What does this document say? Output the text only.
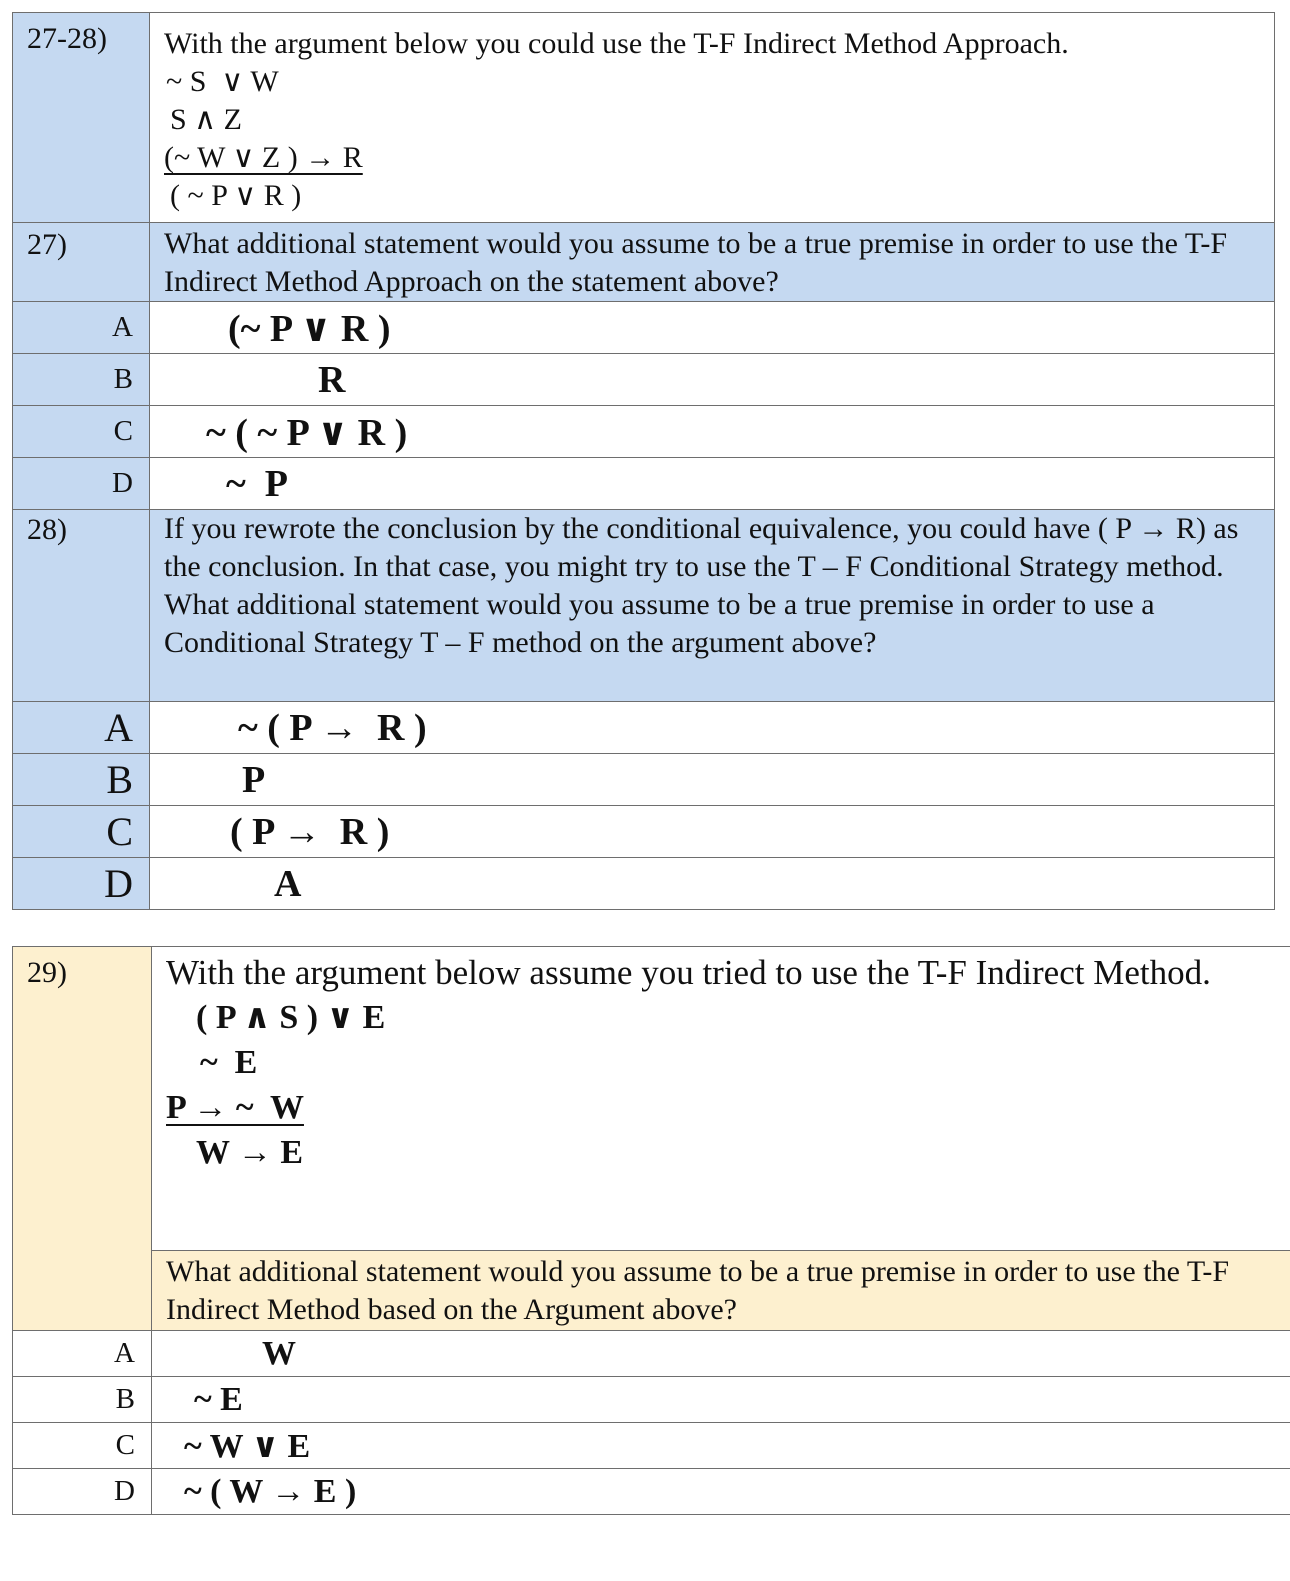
27-28)	With the argument below you could use the T-F Indirect Method Approach.
~ S  ∨ W
S ∧ Z
(~ W ∨ Z ) → R
( ~ P ∨ R )

27)	What additional statement would you assume to be a true premise in order to use the T-F Indirect Method Approach on the statement above?
A	(~ P ∨ R )
B	R
C	~ ( ~ P ∨ R )
D	~  P
28)	If you rewrote the conclusion by the conditional equivalence, you could have ( P → R) as the conclusion. In that case, you might try to use the T – F Conditional Strategy method. What additional statement would you assume to be a true premise in order to use a Conditional Strategy T – F method on the argument above?
A	~ ( P →  R )
B	P
C	( P →  R )
D	A
29)	With the argument below assume you tried to use the T-F Indirect Method.
( P ∧ S ) ∨ E
~  E
P → ~  W
W → E

	What additional statement would you assume to be a true premise in order to use the T-F Indirect Method based on the Argument above?

A	W
B	~ E
C	~ W ∨ E
D	~ ( W → E )
